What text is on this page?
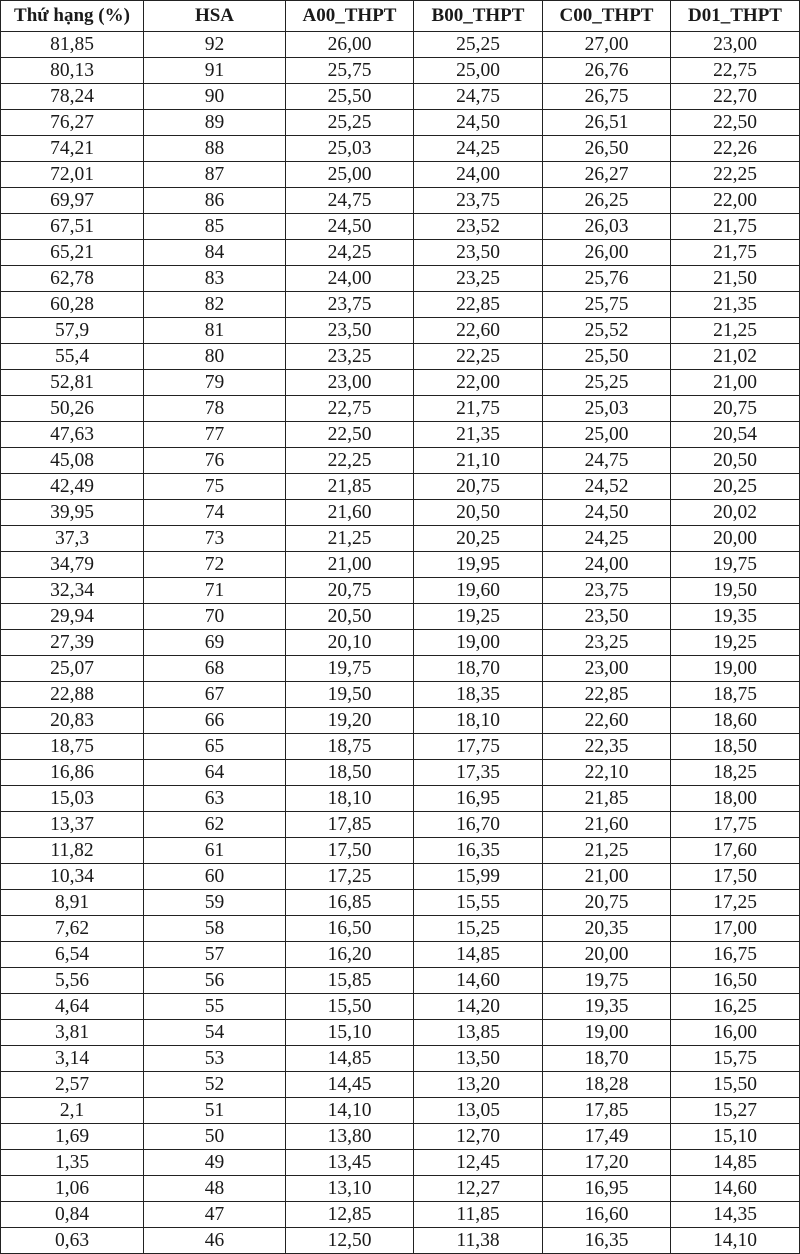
Thứ hạng (%)	HSA	A00_THPT	B00_THPT	C00_THPT	D01_THPT
81,85	92	26,00	25,25	27,00	23,00
80,13	91	25,75	25,00	26,76	22,75
78,24	90	25,50	24,75	26,75	22,70
76,27	89	25,25	24,50	26,51	22,50
74,21	88	25,03	24,25	26,50	22,26
72,01	87	25,00	24,00	26,27	22,25
69,97	86	24,75	23,75	26,25	22,00
67,51	85	24,50	23,52	26,03	21,75
65,21	84	24,25	23,50	26,00	21,75
62,78	83	24,00	23,25	25,76	21,50
60,28	82	23,75	22,85	25,75	21,35
57,9	81	23,50	22,60	25,52	21,25
55,4	80	23,25	22,25	25,50	21,02
52,81	79	23,00	22,00	25,25	21,00
50,26	78	22,75	21,75	25,03	20,75
47,63	77	22,50	21,35	25,00	20,54
45,08	76	22,25	21,10	24,75	20,50
42,49	75	21,85	20,75	24,52	20,25
39,95	74	21,60	20,50	24,50	20,02
37,3	73	21,25	20,25	24,25	20,00
34,79	72	21,00	19,95	24,00	19,75
32,34	71	20,75	19,60	23,75	19,50
29,94	70	20,50	19,25	23,50	19,35
27,39	69	20,10	19,00	23,25	19,25
25,07	68	19,75	18,70	23,00	19,00
22,88	67	19,50	18,35	22,85	18,75
20,83	66	19,20	18,10	22,60	18,60
18,75	65	18,75	17,75	22,35	18,50
16,86	64	18,50	17,35	22,10	18,25
15,03	63	18,10	16,95	21,85	18,00
13,37	62	17,85	16,70	21,60	17,75
11,82	61	17,50	16,35	21,25	17,60
10,34	60	17,25	15,99	21,00	17,50
8,91	59	16,85	15,55	20,75	17,25
7,62	58	16,50	15,25	20,35	17,00
6,54	57	16,20	14,85	20,00	16,75
5,56	56	15,85	14,60	19,75	16,50
4,64	55	15,50	14,20	19,35	16,25
3,81	54	15,10	13,85	19,00	16,00
3,14	53	14,85	13,50	18,70	15,75
2,57	52	14,45	13,20	18,28	15,50
2,1	51	14,10	13,05	17,85	15,27
1,69	50	13,80	12,70	17,49	15,10
1,35	49	13,45	12,45	17,20	14,85
1,06	48	13,10	12,27	16,95	14,60
0,84	47	12,85	11,85	16,60	14,35
0,63	46	12,50	11,38	16,35	14,10
